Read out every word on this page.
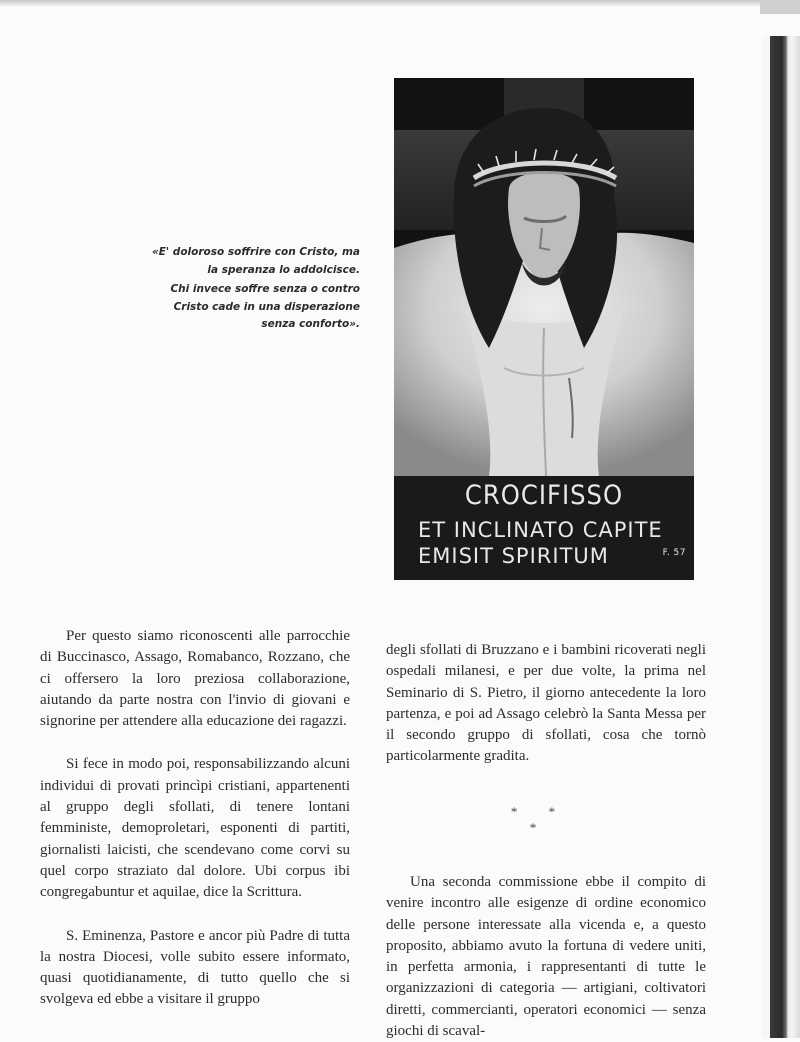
«E' doloroso soffrire con Cristo, ma la speranza lo addolcisce.

Chi invece soffre senza o contro Cristo cade in una disperazione senza conforto».

CROCIFISSO
ET INCLINATO CAPITE
EMISIT SPIRITUM	F. 57

Per questo siamo riconoscenti alle parrocchie di Buccinasco, Assago, Romabanco, Rozzano, che ci offersero la loro preziosa collaborazione, aiutando da parte nostra con l'invio di giovani e signorine per attendere alla educazione dei ragazzi.

Si fece in modo poi, responsabilizzando alcuni individui di provati princìpi cristiani, appartenenti al gruppo degli sfollati, di tenere lontani femministe, demoproletari, esponenti di partiti, giornalisti laicisti, che scendevano come corvi su quel corpo straziato dal dolore. Ubi corpus ibi congregabuntur et aquilae, dice la Scrittura.

S. Eminenza, Pastore e ancor più Padre di tutta la nostra Diocesi, volle subito essere informato, quasi quotidianamente, di tutto quello che si svolgeva ed ebbe a visitare il gruppo

degli sfollati di Bruzzano e i bambini ricoverati negli ospedali milanesi, e per due volte, la prima nel Seminario di S. Pietro, il giorno antecedente la loro partenza, e poi ad Assago celebrò la Santa Messa per il secondo gruppo di sfollati, cosa che tornò particolarmente gradita.

* * *

Una seconda commissione ebbe il compito di venire incontro alle esigenze di ordine economico delle persone interessate alla vicenda e, a questo proposito, abbiamo avuto la fortuna di vedere uniti, in perfetta armonia, i rappresentanti di tutte le organizzazioni di categoria — artigiani, coltivatori diretti, commercianti, operatori economici — senza giochi di scaval-
